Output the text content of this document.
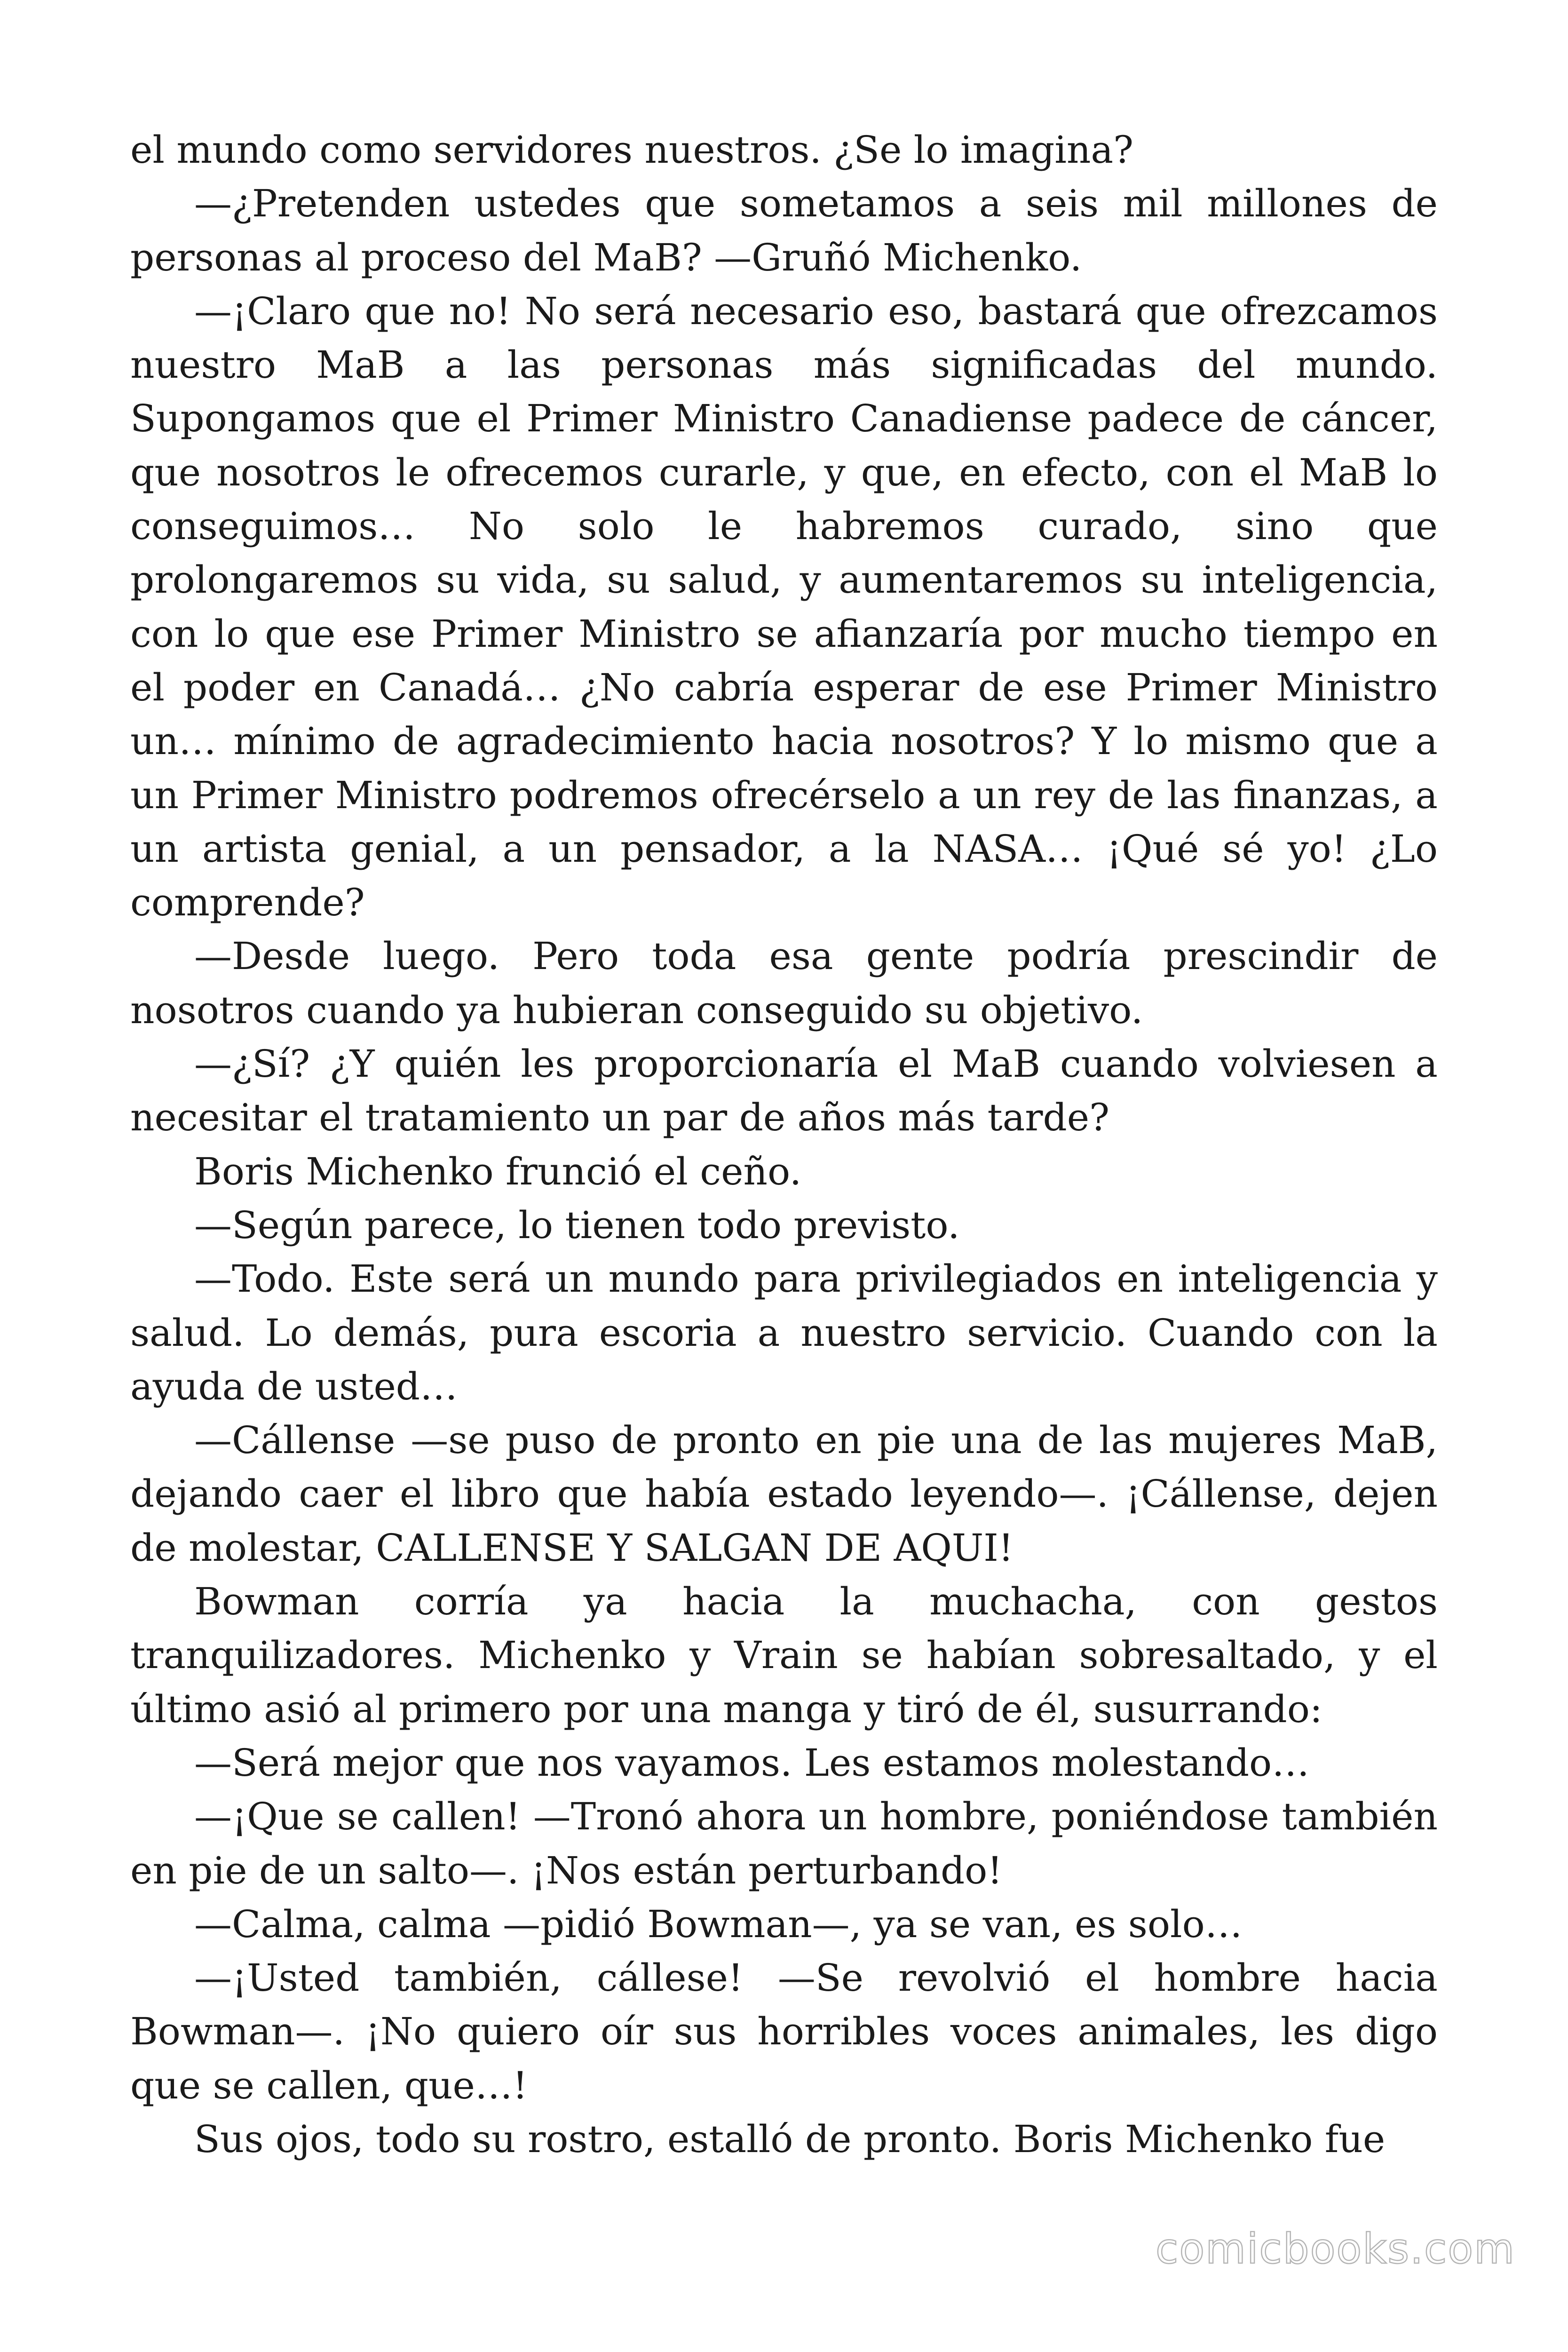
el mundo como servidores nuestros. ¿Se lo imagina?

—¿Pretenden ustedes que sometamos a seis mil millones de personas al proceso del MaB? —Gruñó Michenko.

—¡Claro que no! No será necesario eso, bastará que ofrezcamos nuestro MaB a las personas más significadas del mundo. Supongamos que el Primer Ministro Canadiense padece de cáncer, que nosotros le ofrecemos curarle, y que, en efecto, con el MaB lo conseguimos… No solo le habremos curado, sino que prolongaremos su vida, su salud, y aumentaremos su inteligencia, con lo que ese Primer Ministro se afianzaría por mucho tiempo en el poder en Canadá… ¿No cabría esperar de ese Primer Ministro un… mínimo de agradecimiento hacia nosotros? Y lo mismo que a un Primer Ministro podremos ofrecérselo a un rey de las finanzas, a un artista genial, a un pensador, a la NASA… ¡Qué sé yo! ¿Lo comprende?

—Desde luego. Pero toda esa gente podría prescindir de nosotros cuando ya hubieran conseguido su objetivo.

—¿Sí? ¿Y quién les proporcionaría el MaB cuando volviesen a necesitar el tratamiento un par de años más tarde?

Boris Michenko frunció el ceño.

—Según parece, lo tienen todo previsto.

—Todo. Este será un mundo para privilegiados en inteligencia y salud. Lo demás, pura escoria a nuestro servicio. Cuando con la ayuda de usted…

—Cállense —se puso de pronto en pie una de las mujeres MaB, dejando caer el libro que había estado leyendo—. ¡Cállense, dejen de molestar, CALLENSE Y SALGAN DE AQUI!

Bowman corría ya hacia la muchacha, con gestos tranquilizadores. Michenko y Vrain se habían sobresaltado, y el último asió al primero por una manga y tiró de él, susurrando:

—Será mejor que nos vayamos. Les estamos molestando…

—¡Que se callen! —Tronó ahora un hombre, poniéndose también en pie de un salto—. ¡Nos están perturbando!

—Calma, calma —pidió Bowman—, ya se van, es solo…

—¡Usted también, cállese! —Se revolvió el hombre hacia Bowman—. ¡No quiero oír sus horribles voces animales, les digo que se callen, que…!

Sus ojos, todo su rostro, estalló de pronto. Boris Michenko fue

comicbooks.com
